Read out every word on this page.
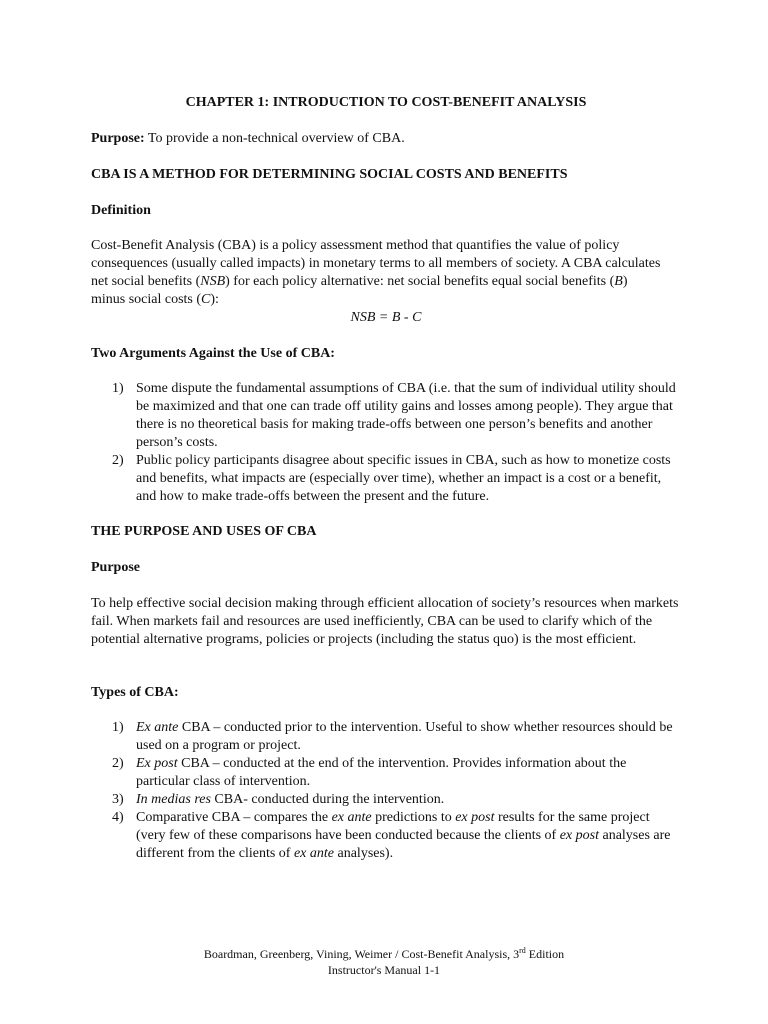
CHAPTER 1: INTRODUCTION TO COST-BENEFIT ANALYSIS

Purpose: To provide a non-technical overview of CBA.

CBA IS A METHOD FOR DETERMINING SOCIAL COSTS AND BENEFITS

Definition

Cost-Benefit Analysis (CBA) is a policy assessment method that quantifies the value of policy consequences (usually called impacts) in monetary terms to all members of society. A CBA calculates net social benefits (NSB) for each policy alternative: net social benefits equal social benefits (B) minus social costs (C):

NSB = B - C

Two Arguments Against the Use of CBA:

1) Some dispute the fundamental assumptions of CBA (i.e. that the sum of individual utility should be maximized and that one can trade off utility gains and losses among people). They argue that there is no theoretical basis for making trade-offs between one person’s benefits and another person’s costs.
2) Public policy participants disagree about specific issues in CBA, such as how to monetize costs and benefits, what impacts are (especially over time), whether an impact is a cost or a benefit, and how to make trade-offs between the present and the future.

THE PURPOSE AND USES OF CBA

Purpose

To help effective social decision making through efficient allocation of society’s resources when markets fail. When markets fail and resources are used inefficiently, CBA can be used to clarify which of the potential alternative programs, policies or projects (including the status quo) is the most efficient.

Types of CBA:

1) Ex ante CBA – conducted prior to the intervention. Useful to show whether resources should be used on a program or project.
2) Ex post CBA – conducted at the end of the intervention. Provides information about the particular class of intervention.
3) In medias res CBA- conducted during the intervention.
4) Comparative CBA – compares the ex ante predictions to ex post results for the same project (very few of these comparisons have been conducted because the clients of ex post analyses are different from the clients of ex ante analyses).
Boardman, Greenberg, Vining, Weimer / Cost-Benefit Analysis, 3rd Edition
Instructor's Manual 1-1
